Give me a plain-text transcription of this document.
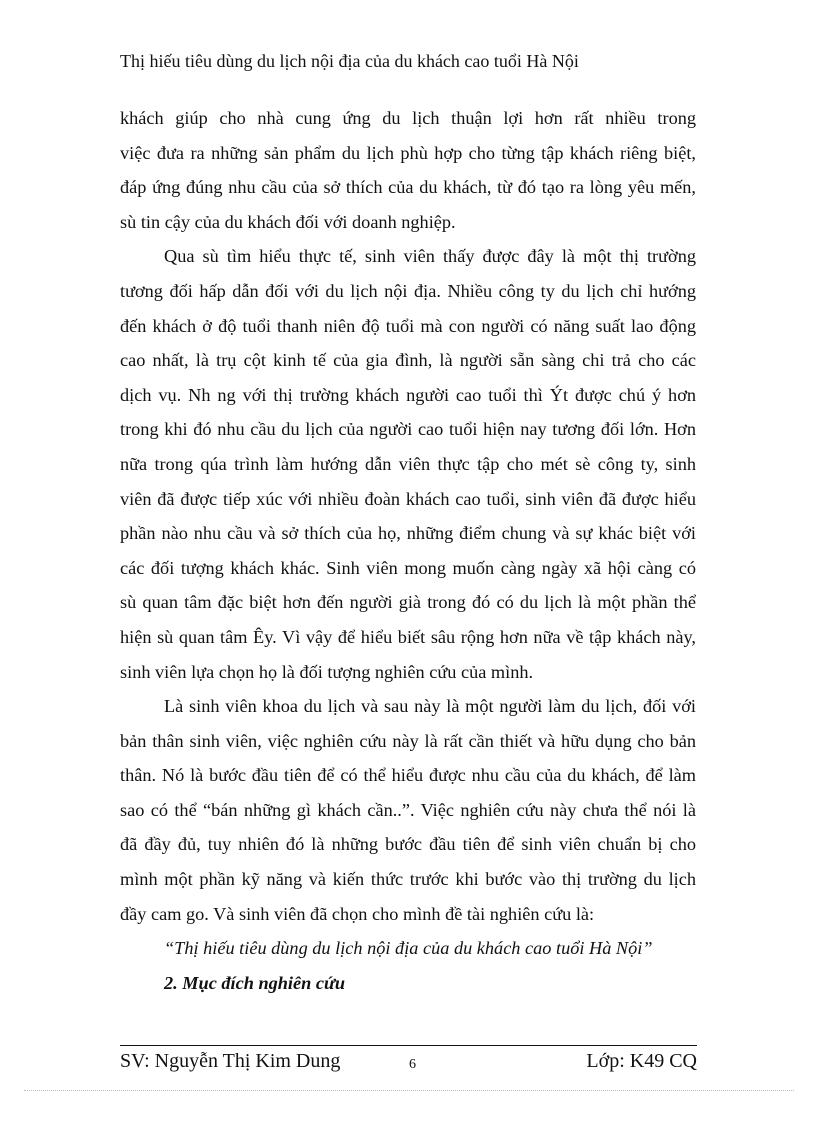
Thị hiếu tiêu dùng du lịch nội địa của du khách cao tuổi Hà Nội
khách giúp cho nhà cung ứng du lịch thuận lợi hơn rất nhiều trong
việc đưa ra những sản phẩm du lịch phù hợp cho từng tập khách riêng biệt,
đáp ứng đúng nhu cầu của sở thích của du khách, từ đó tạo ra lòng yêu mến,
sù tin cậy của du khách đối với doanh nghiệp.
Qua sù tìm hiểu thực tế, sinh viên thấy được đây là một thị trường
tương đối hấp dẫn đối với du lịch nội địa. Nhiều công ty du lịch chỉ hướng
đến khách ở độ tuổi thanh niên độ tuổi mà con người có năng suất lao động
cao nhất, là trụ cột kinh tế của gia đình, là người sẵn sàng chi trả cho các
dịch vụ. Nh ng với thị trường khách người cao tuổi thì Ýt được chú ý hơn
trong khi đó nhu cầu du lịch của người cao tuổi hiện nay tương đối lớn. Hơn
nữa trong qúa trình làm hướng dẫn viên thực tập cho mét sè công ty, sinh
viên đã được tiếp xúc với nhiều đoàn khách cao tuổi, sinh viên đã được hiểu
phần nào nhu cầu và sở thích của họ, những điểm chung và sự khác biệt với
các đối tượng khách khác. Sinh viên mong muốn càng ngày xã hội càng có
sù quan tâm đặc biệt hơn đến người già trong đó có du lịch là một phần thể
hiện sù quan tâm Êy. Vì vậy để hiểu biết sâu rộng hơn nữa về tập khách này,
sinh viên lựa chọn họ là đối tượng nghiên cứu của mình.
Là sinh viên khoa du lịch và sau này là một người làm du lịch, đối với
bản thân sinh viên, việc nghiên cứu này là rất cần thiết và hữu dụng cho bản
thân. Nó là bước đầu tiên để có thể hiểu được nhu cầu của du khách, để làm
sao có thể “bán những gì khách cần..”. Việc nghiên cứu này chưa thể nói là
đã đầy đủ, tuy nhiên đó là những bước đầu tiên để sinh viên chuẩn bị cho
mình một phần kỹ năng và kiến thức trước khi bước vào thị trường du lịch
đầy cam go. Và sinh viên đã chọn cho mình đề tài nghiên cứu là:
“Thị hiếu tiêu dùng du lịch nội địa của du khách cao tuổi Hà Nội”
2. Mục đích nghiên cứu
SV: Nguyễn Thị Kim Dung	6	Lớp: K49 CQ
